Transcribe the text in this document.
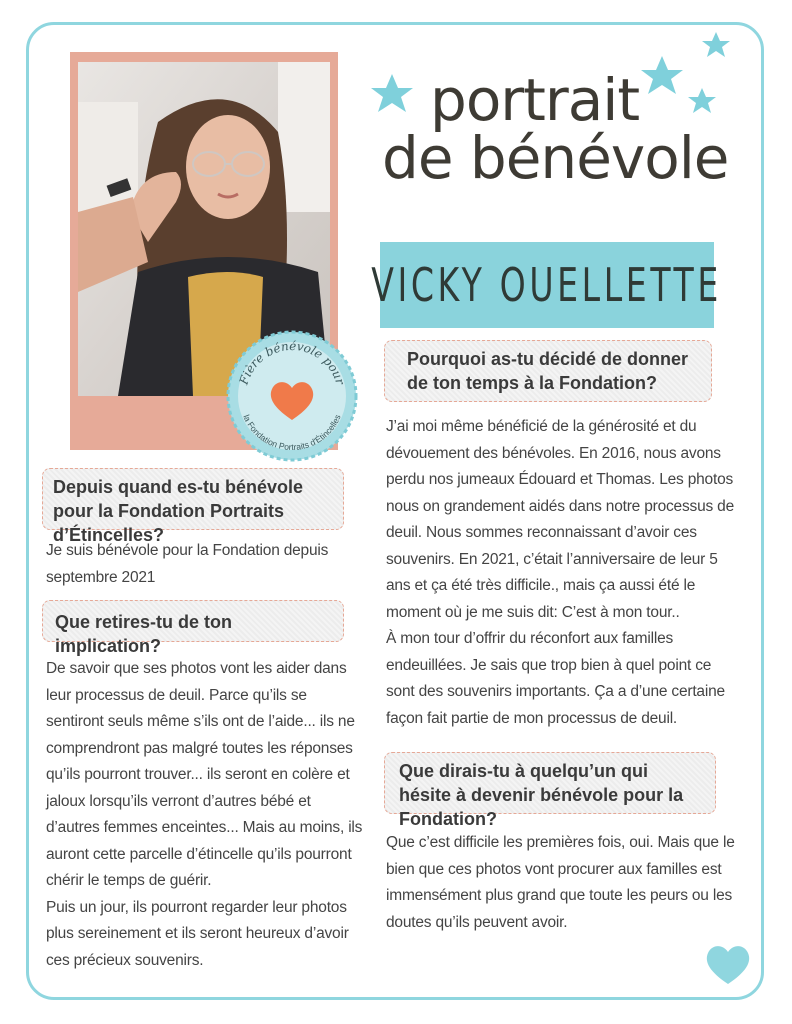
Fière bénévole pour
la Fondation Portraits d'Étincelles
portrait
de bénévole
VICKY OUELLETTE
Depuis quand es-tu bénévole pour la Fondation Portraits d’Étincelles?

Je suis bénévole pour la Fondation depuis septembre 2021

Que retires-tu de ton implication?

De savoir que ses photos vont les aider dans leur processus de deuil. Parce qu’ils se sentiront seuls même s’ils ont de l’aide... ils ne comprendront pas malgré toutes les réponses qu’ils pourront trouver... ils seront en colère et jaloux lorsqu’ils verront d’autres bébé et d’autres femmes enceintes... Mais au moins, ils auront cette parcelle d’étincelle qu’ils pourront chérir le temps de guérir.

Puis un jour, ils pourront regarder leur photos plus sereinement et ils seront heureux d’avoir ces précieux souvenirs.

Pourquoi as-tu décidé de donner de ton temps à la Fondation?

J’ai moi même bénéficié de la générosité et du dévouement des bénévoles. En 2016, nous avons perdu nos jumeaux Édouard et Thomas. Les photos nous on grandement aidés dans notre processus de deuil. Nous sommes reconnaissant d’avoir ces souvenirs. En 2021, c’était l’anniversaire de leur 5 ans et ça été très difficile., mais ça aussi été le moment où je me suis dit: C’est à mon tour..

À mon tour d’offrir du réconfort aux familles endeuillées. Je sais que trop bien à quel point ce sont des souvenirs importants. Ça a d’une certaine façon fait partie de mon processus de deuil.

Que dirais-tu à quelqu’un qui hésite à devenir bénévole pour la Fondation?

Que c’est difficile les premières fois, oui. Mais que le bien que ces photos vont procurer aux familles est immensément plus grand que toute les peurs ou les doutes qu’ils peuvent avoir.
